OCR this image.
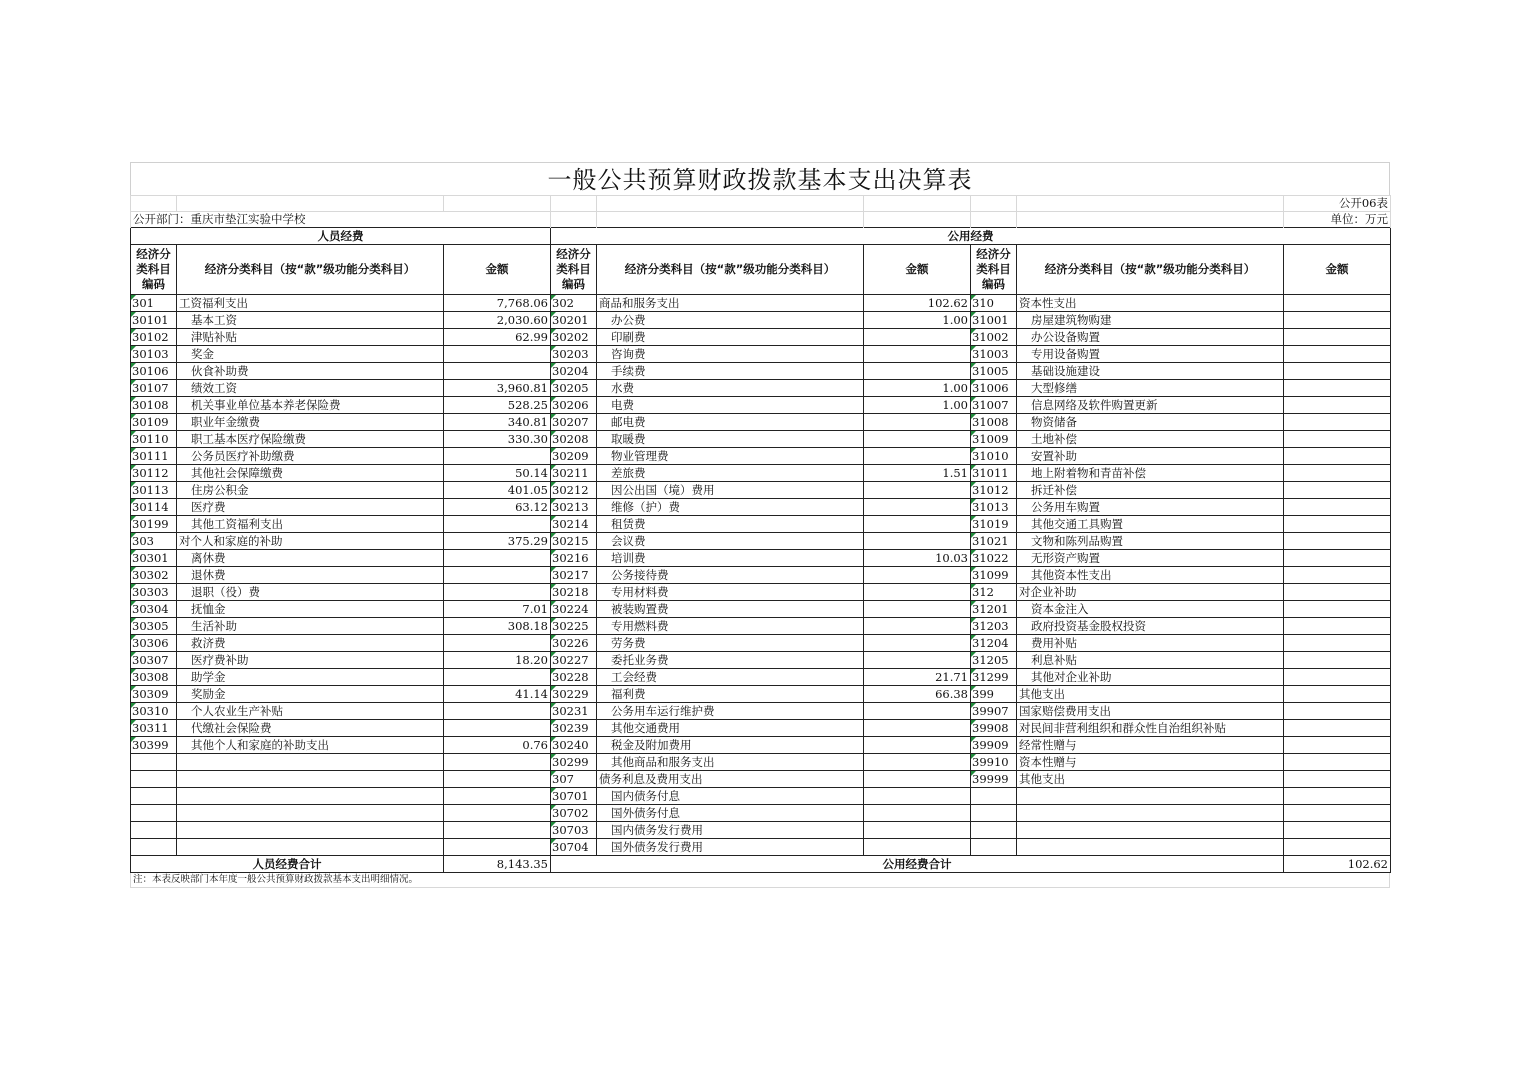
一般公共预算财政拨款基本支出决算表
								公开06表
公开部门：重庆市垫江实验中学校								单位：万元
人员经费			公用经费					
经济分类科目编码	经济分类科目（按“款”级功能分类科目）	金额	经济分类科目编码	经济分类科目（按“款”级功能分类科目）	金额	经济分类科目编码	经济分类科目（按“款”级功能分类科目）	金额
301	工资福利支出	7,768.06	302	商品和服务支出	102.62	310	资本性支出	
30101	基本工资	2,030.60	30201	办公费	1.00	31001	房屋建筑物购建	
30102	津贴补贴	62.99	30202	印刷费		31002	办公设备购置	
30103	奖金		30203	咨询费		31003	专用设备购置	
30106	伙食补助费		30204	手续费		31005	基础设施建设	
30107	绩效工资	3,960.81	30205	水费	1.00	31006	大型修缮	
30108	机关事业单位基本养老保险费	528.25	30206	电费	1.00	31007	信息网络及软件购置更新	
30109	职业年金缴费	340.81	30207	邮电费		31008	物资储备	
30110	职工基本医疗保险缴费	330.30	30208	取暖费		31009	土地补偿	
30111	公务员医疗补助缴费		30209	物业管理费		31010	安置补助	
30112	其他社会保障缴费	50.14	30211	差旅费	1.51	31011	地上附着物和青苗补偿	
30113	住房公积金	401.05	30212	因公出国（境）费用		31012	拆迁补偿	
30114	医疗费	63.12	30213	维修（护）费		31013	公务用车购置	
30199	其他工资福利支出		30214	租赁费		31019	其他交通工具购置	
303	对个人和家庭的补助	375.29	30215	会议费		31021	文物和陈列品购置	
30301	离休费		30216	培训费	10.03	31022	无形资产购置	
30302	退休费		30217	公务接待费		31099	其他资本性支出	
30303	退职（役）费		30218	专用材料费		312	对企业补助	
30304	抚恤金	7.01	30224	被装购置费		31201	资本金注入	
30305	生活补助	308.18	30225	专用燃料费		31203	政府投资基金股权投资	
30306	救济费		30226	劳务费		31204	费用补贴	
30307	医疗费补助	18.20	30227	委托业务费		31205	利息补贴	
30308	助学金		30228	工会经费	21.71	31299	其他对企业补助	
30309	奖励金	41.14	30229	福利费	66.38	399	其他支出	
30310	个人农业生产补贴		30231	公务用车运行维护费		39907	国家赔偿费用支出	
30311	代缴社会保险费		30239	其他交通费用		39908	对民间非营利组织和群众性自治组织补贴	
30399	其他个人和家庭的补助支出	0.76	30240	税金及附加费用		39909	经常性赠与	
			30299	其他商品和服务支出		39910	资本性赠与	
			307	债务利息及费用支出		39999	其他支出	
			30701	国内债务付息				
			30702	国外债务付息				
			30703	国内债务发行费用				
			30704	国外债务发行费用				
人员经费合计		8,143.35	公用经费合计					102.62
注：本表反映部门本年度一般公共预算财政拨款基本支出明细情况。
